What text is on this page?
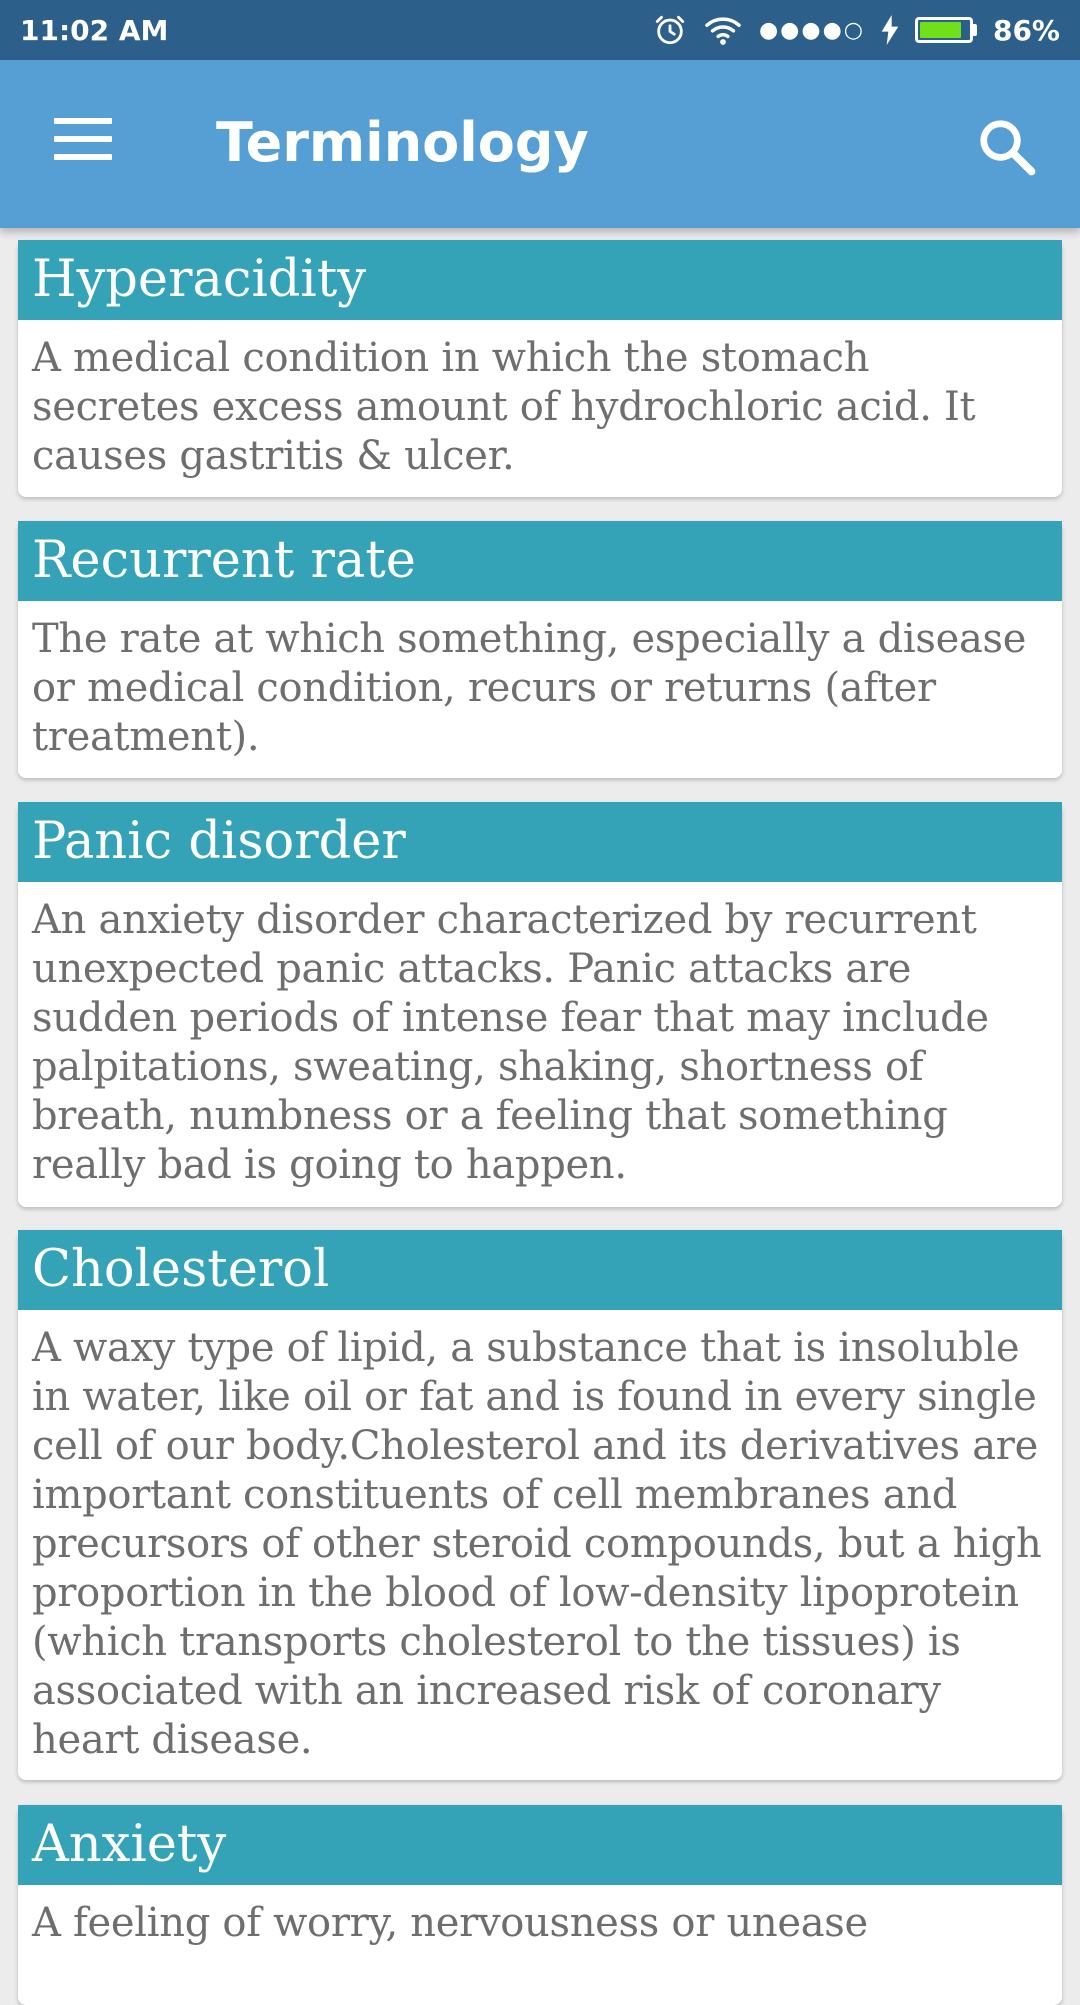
11:02 AM	●●●●○	86%
Terminology
Hyperacidity
A medical condition in which the stomach secretes excess amount of hydrochloric acid. It causes gastritis & ulcer.
Recurrent rate
The rate at which something, especially a disease or medical condition, recurs or returns (after treatment).
Panic disorder
An anxiety disorder characterized by recurrent unexpected panic attacks. Panic attacks are sudden periods of intense fear that may include palpitations, sweating, shaking, shortness of breath, numbness or a feeling that something really bad is going to happen.
Cholesterol
A waxy type of lipid, a substance that is insoluble in water, like oil or fat and is found in every single cell of our body.Cholesterol and its derivatives are important constituents of cell membranes and precursors of other steroid compounds, but a high proportion in the blood of low-density lipoprotein (which transports cholesterol to the tissues) is associated with an increased risk of coronary heart disease.
Anxiety
A feeling of worry, nervousness or unease
